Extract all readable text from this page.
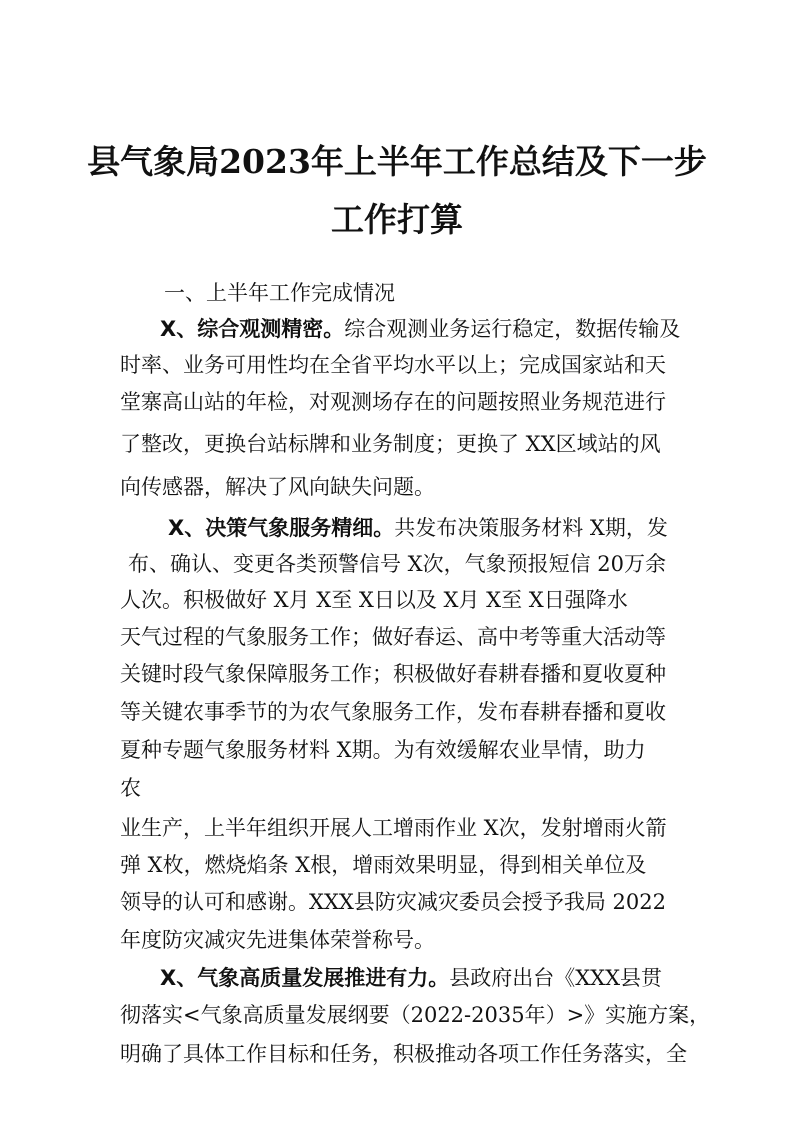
县气象局2023年上半年工作总结及下一步
工作打算
一、上半年工作完成情况
X、综合观测精密。综合观测业务运行稳定，数据传输及
时率、业务可用性均在全省平均水平以上；完成国家站和天
堂寨高山站的年检，对观测场存在的问题按照业务规范进行
了整改，更换台站标牌和业务制度；更换了 XX区域站的风
向传感器，解决了风向缺失问题。
X、决策气象服务精细。共发布决策服务材料 X期，发
布、确认、变更各类预警信号 X次，气象预报短信 20万余
人次。积极做好 X月 X至 X日以及 X月 X至 X日强降水
天气过程的气象服务工作；做好春运、高中考等重大活动等
关键时段气象保障服务工作；积极做好春耕春播和夏收夏种
等关键农事季节的为农气象服务工作，发布春耕春播和夏收
夏种专题气象服务材料 X期。为有效缓解农业旱情，助力
农
业生产，上半年组织开展人工增雨作业 X次，发射增雨火箭
弹 X枚，燃烧焰条 X根，增雨效果明显，得到相关单位及
领导的认可和感谢。XXX县防灾减灾委员会授予我局 2022
年度防灾减灾先进集体荣誉称号。
X、气象高质量发展推进有力。县政府出台《XXX县贯
彻落实<气象高质量发展纲要（2022-2035年）>》实施方案，
明确了具体工作目标和任务，积极推动各项工作任务落实，全
